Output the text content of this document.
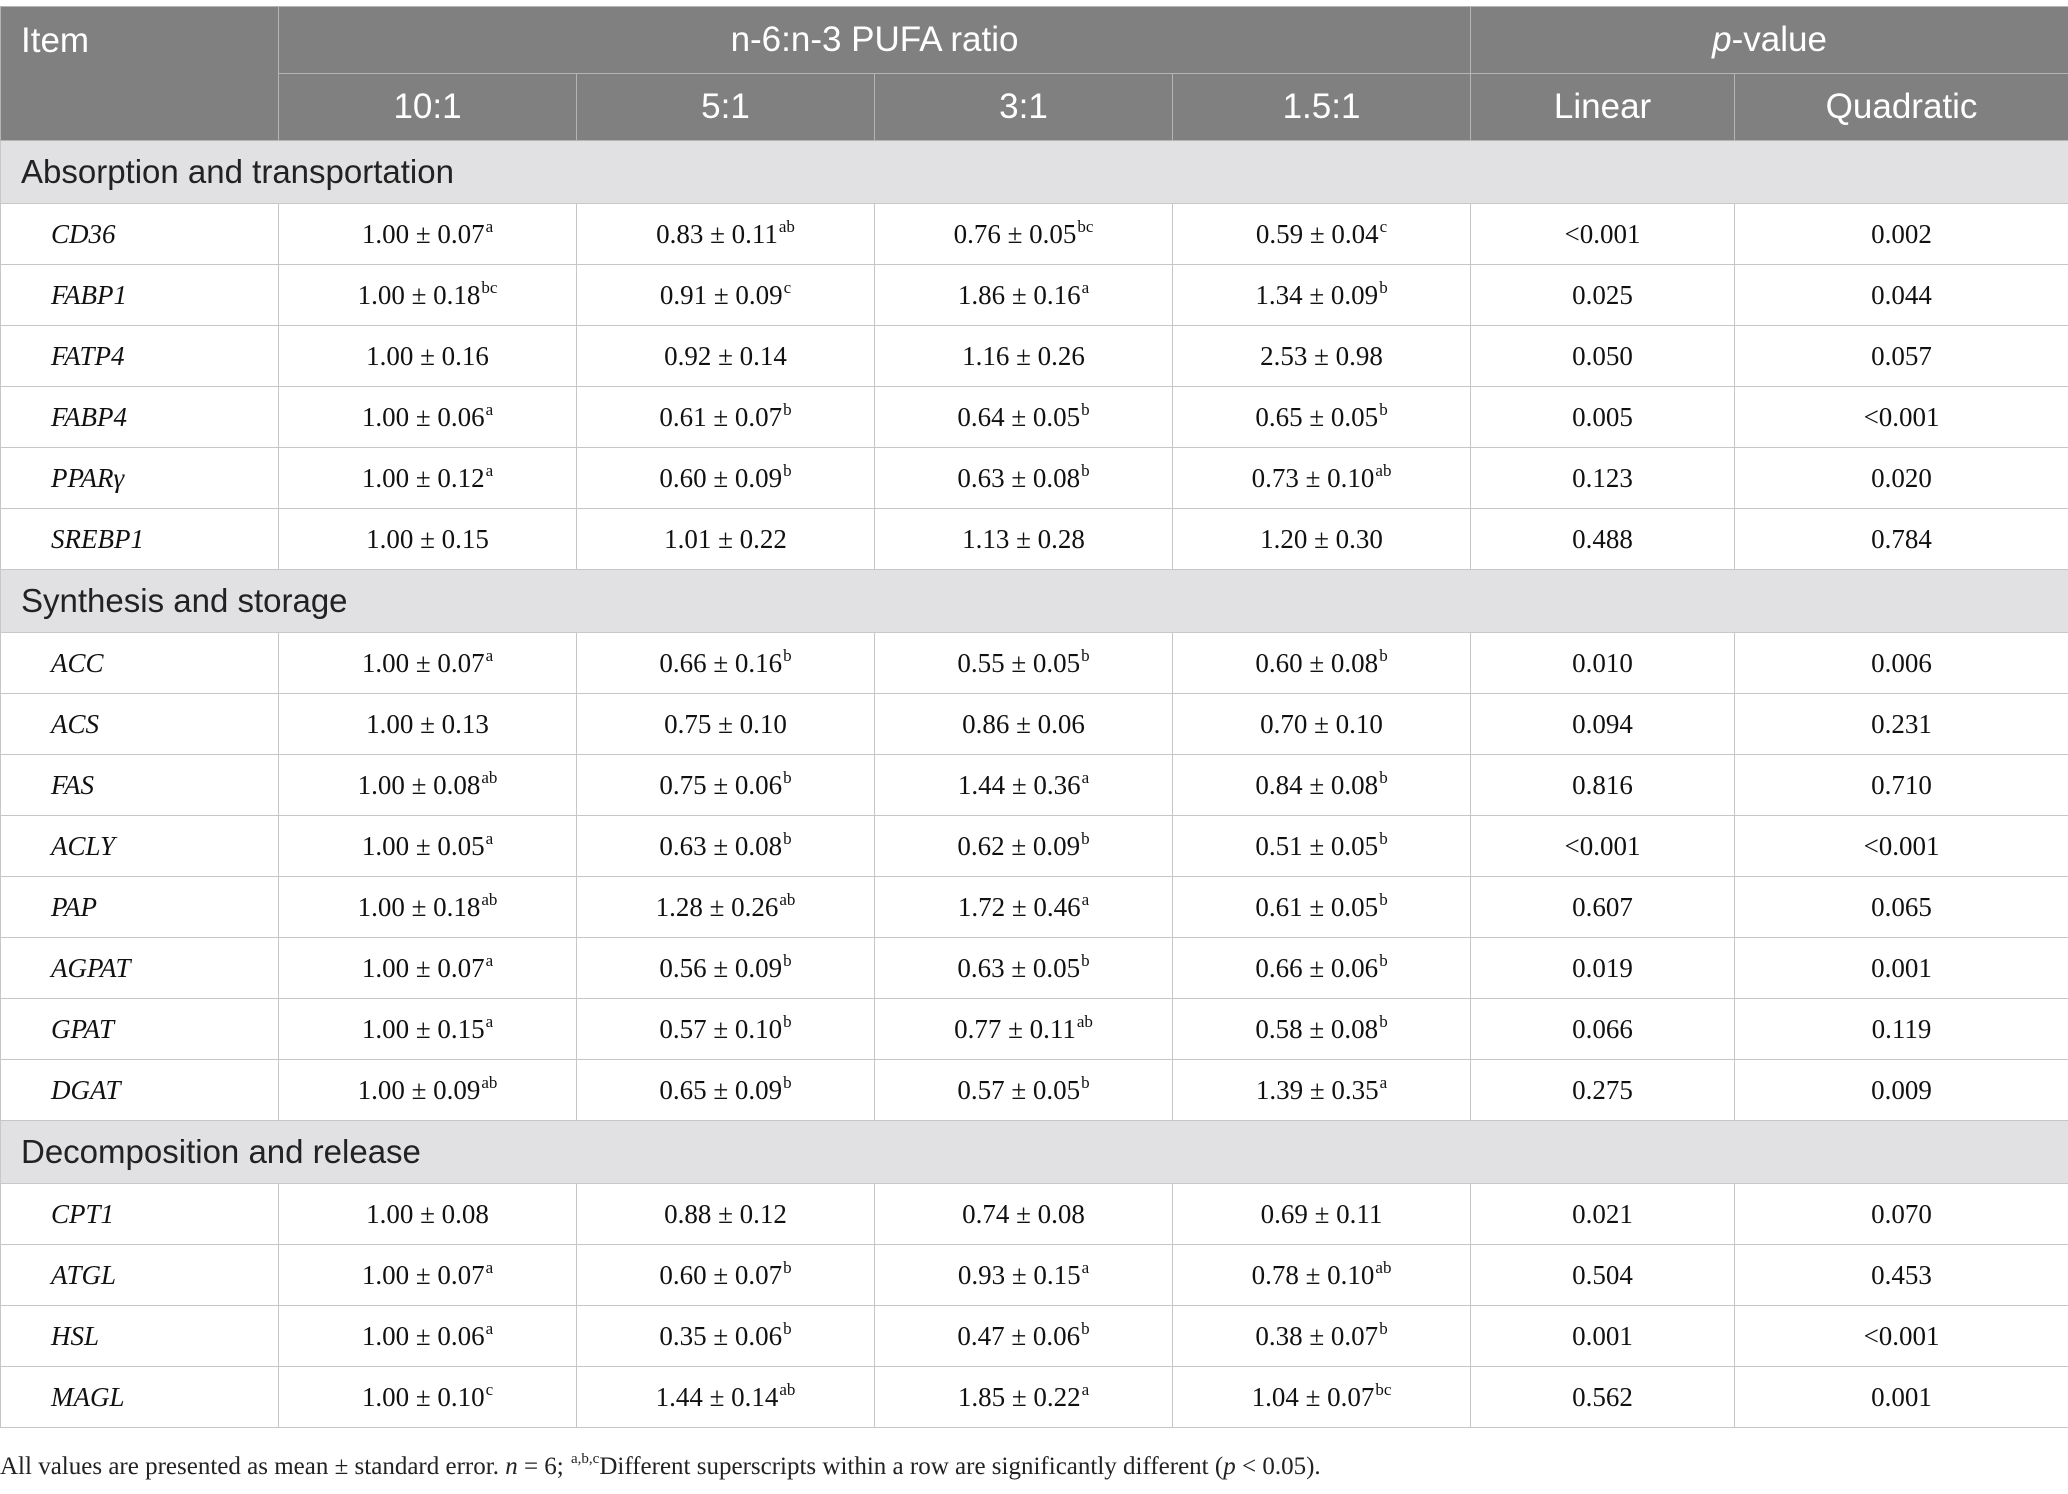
Item	n-6:n-3 PUFA ratio				p-value	
	10:1	5:1	3:1	1.5:1	Linear	Quadratic
Absorption and transportation						
CD36	1.00 ± 0.07$^a$	0.83 ± 0.11$^{ab}$	0.76 ± 0.05$^{bc}$	0.59 ± 0.04$^c$	<0.001	0.002
FABP1	1.00 ± 0.18$^{bc}$	0.91 ± 0.09$^c$	1.86 ± 0.16$^a$	1.34 ± 0.09$^b$	0.025	0.044
FATP4	1.00 ± 0.16	0.92 ± 0.14	1.16 ± 0.26	2.53 ± 0.98	0.050	0.057
FABP4	1.00 ± 0.06$^a$	0.61 ± 0.07$^b$	0.64 ± 0.05$^b$	0.65 ± 0.05$^b$	0.005	<0.001
PPARγ	1.00 ± 0.12$^a$	0.60 ± 0.09$^b$	0.63 ± 0.08$^b$	0.73 ± 0.10$^{ab}$	0.123	0.020
SREBP1	1.00 ± 0.15	1.01 ± 0.22	1.13 ± 0.28	1.20 ± 0.30	0.488	0.784
Synthesis and storage						
ACC	1.00 ± 0.07$^a$	0.66 ± 0.16$^b$	0.55 ± 0.05$^b$	0.60 ± 0.08$^b$	0.010	0.006
ACS	1.00 ± 0.13	0.75 ± 0.10	0.86 ± 0.06	0.70 ± 0.10	0.094	0.231
FAS	1.00 ± 0.08$^{ab}$	0.75 ± 0.06$^b$	1.44 ± 0.36$^a$	0.84 ± 0.08$^b$	0.816	0.710
ACLY	1.00 ± 0.05$^a$	0.63 ± 0.08$^b$	0.62 ± 0.09$^b$	0.51 ± 0.05$^b$	<0.001	<0.001
PAP	1.00 ± 0.18$^{ab}$	1.28 ± 0.26$^{ab}$	1.72 ± 0.46$^a$	0.61 ± 0.05$^b$	0.607	0.065
AGPAT	1.00 ± 0.07$^a$	0.56 ± 0.09$^b$	0.63 ± 0.05$^b$	0.66 ± 0.06$^b$	0.019	0.001
GPAT	1.00 ± 0.15$^a$	0.57 ± 0.10$^b$	0.77 ± 0.11$^{ab}$	0.58 ± 0.08$^b$	0.066	0.119
DGAT	1.00 ± 0.09$^{ab}$	0.65 ± 0.09$^b$	0.57 ± 0.05$^b$	1.39 ± 0.35$^a$	0.275	0.009
Decomposition and release						
CPT1	1.00 ± 0.08	0.88 ± 0.12	0.74 ± 0.08	0.69 ± 0.11	0.021	0.070
ATGL	1.00 ± 0.07$^a$	0.60 ± 0.07$^b$	0.93 ± 0.15$^a$	0.78 ± 0.10$^{ab}$	0.504	0.453
HSL	1.00 ± 0.06$^a$	0.35 ± 0.06$^b$	0.47 ± 0.06$^b$	0.38 ± 0.07$^b$	0.001	<0.001
MAGL	1.00 ± 0.10$^c$	1.44 ± 0.14$^{ab}$	1.85 ± 0.22$^a$	1.04 ± 0.07$^{bc}$	0.562	0.001
All values are presented as mean ± standard error. n = 6; $^{a,b,c}$Different superscripts within a row are significantly different (p < 0.05).
